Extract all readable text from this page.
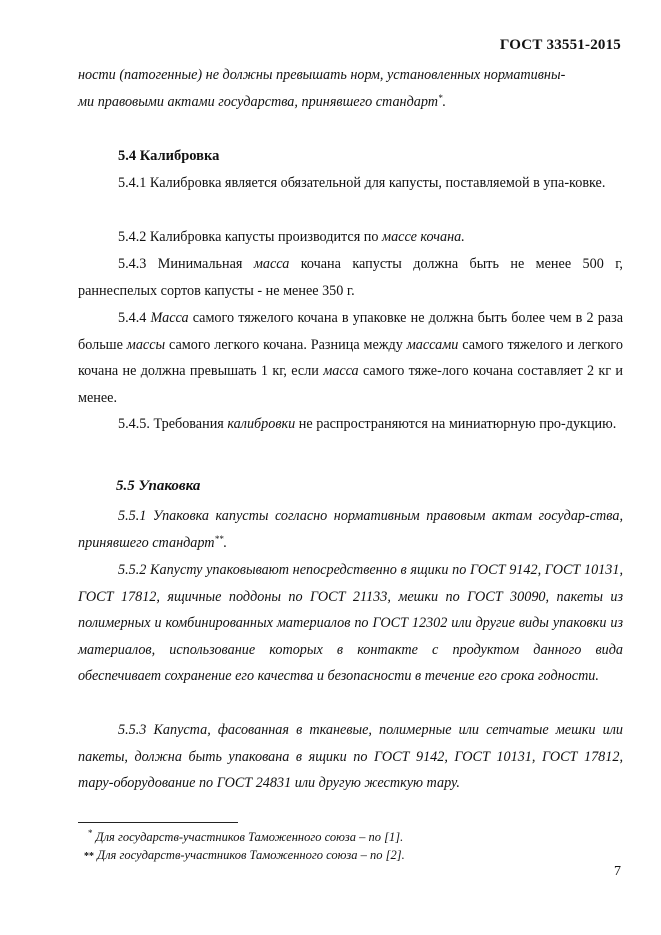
ГОСТ 33551-2015
ности (патогенные) не должны превышать норм, установленных нормативны-
ми правовыми актами государства, принявшего стандарт*.
5.4 Калибровка
5.4.1 Калибровка является обязательной для капусты, поставляемой в упа-ковке.
5.4.2 Калибровка капусты производится по массе кочана.
5.4.3 Минимальная масса кочана капусты должна быть не менее 500 г, раннеспелых сортов капусты - не менее 350 г.
5.4.4 Масса самого тяжелого кочана в упаковке не должна быть более чем в 2 раза больше массы самого легкого кочана. Разница между массами самого тяжелого и легкого кочана не должна превышать 1 кг, если масса самого тяже-лого кочана составляет 2 кг и менее.
5.4.5. Требования калибровки не распространяются на миниатюрную про-дукцию.
5.5 Упаковка
5.5.1 Упаковка капусты согласно нормативным правовым актам государ-ства, принявшего стандарт**.
5.5.2 Капусту упаковывают непосредственно в ящики по ГОСТ 9142, ГОСТ 10131, ГОСТ 17812, ящичные поддоны по ГОСТ 21133, мешки по ГОСТ 30090, пакеты из полимерных и комбинированных материалов по ГОСТ 12302 или другие виды упаковки из материалов, использование которых в контакте с продуктом данного вида обеспечивает сохранение его качества и безопасности в течение его срока годности.
5.5.3 Капуста, фасованная в тканевые, полимерные или сетчатые мешки или пакеты, должна быть упакована в ящики по ГОСТ 9142, ГОСТ 10131, ГОСТ 17812, тару-оборудование по ГОСТ 24831 или другую жесткую тару.
* Для государств-участников Таможенного союза – по [1].
** Для государств-участников Таможенного союза – по [2].
7
